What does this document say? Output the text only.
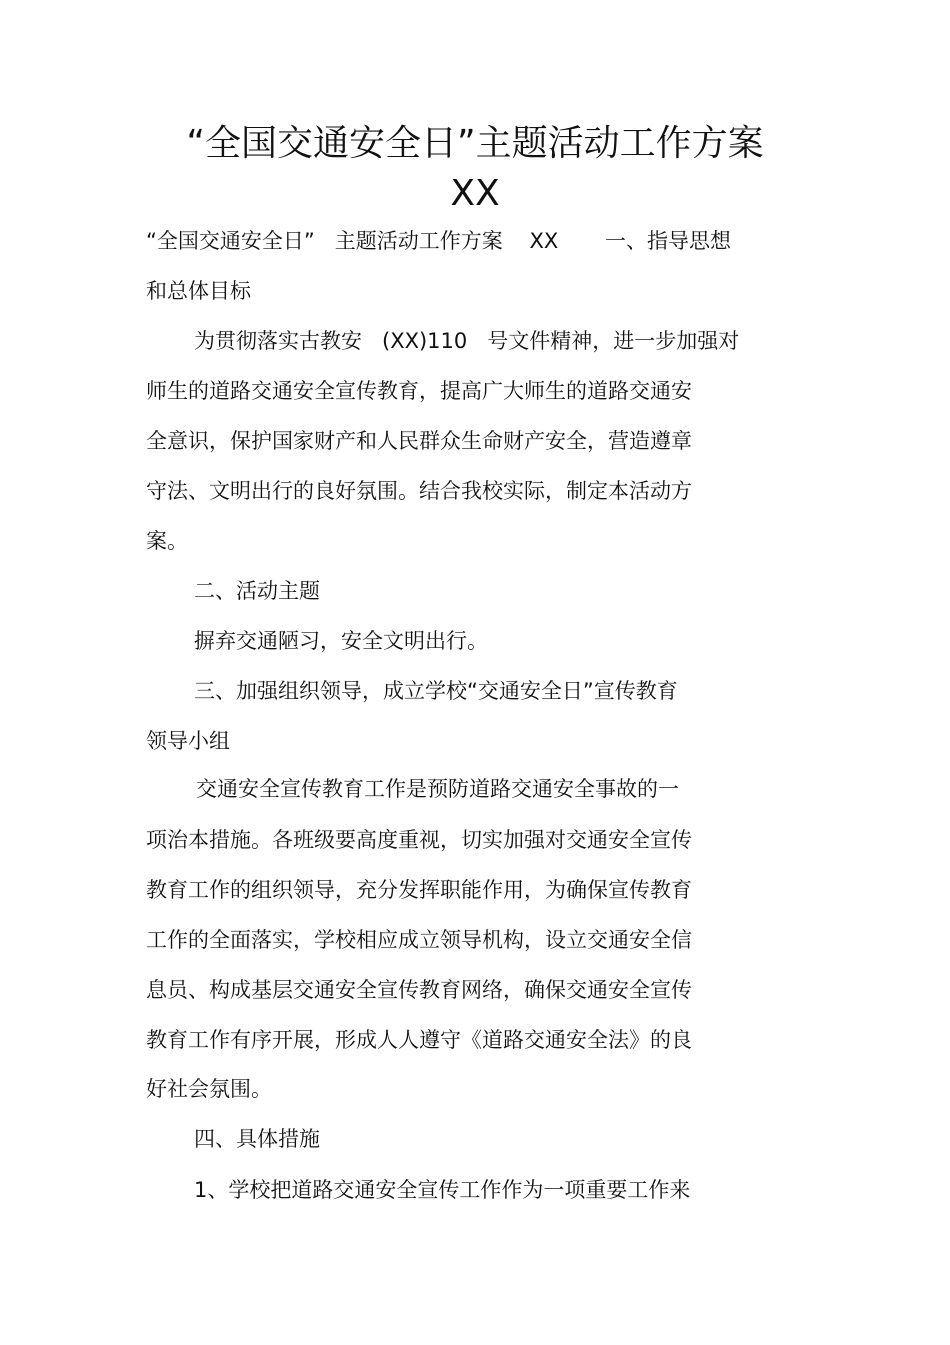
“全国交通安全日”主题活动工作方案
XX

“全国交通安全日”   主题活动工作方案    XX       一、指导思想

和总体目标

为贯彻落实古教安   (XX)110   号文件精神，进一步加强对

师生的道路交通安全宣传教育，提高广大师生的道路交通安

全意识，保护国家财产和人民群众生命财产安全，营造遵章

守法、文明出行的良好氛围。结合我校实际，制定本活动方

案。

二、活动主题

摒弃交通陋习，安全文明出行。

三、加强组织领导，成立学校“交通安全日”宣传教育

领导小组

交通安全宣传教育工作是预防道路交通安全事故的一

项治本措施。各班级要高度重视，切实加强对交通安全宣传

教育工作的组织领导，充分发挥职能作用，为确保宣传教育

工作的全面落实，学校相应成立领导机构，设立交通安全信

息员、构成基层交通安全宣传教育网络，确保交通安全宣传

教育工作有序开展，形成人人遵守《道路交通安全法》的良

好社会氛围。

四、具体措施

1、学校把道路交通安全宣传工作作为一项重要工作来
